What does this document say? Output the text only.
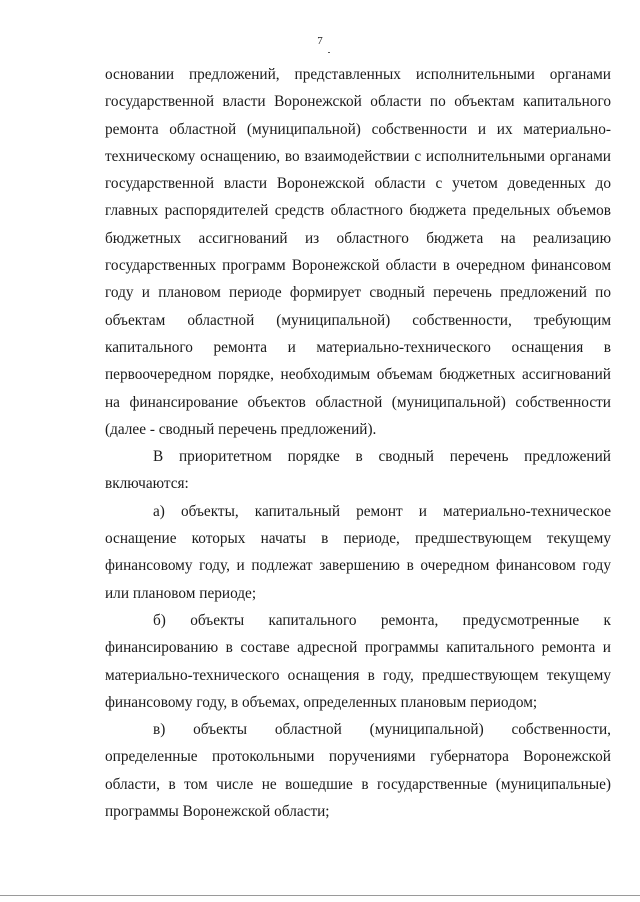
7

основании предложений, представленных исполнительными органами государственной власти Воронежской области по объектам капитального ремонта областной (муниципальной) собственности и их материально-техническому оснащению, во взаимодействии с исполнительными органами государственной власти Воронежской области с учетом доведенных до главных распорядителей средств областного бюджета предельных объемов бюджетных ассигнований из областного бюджета на реализацию государственных программ Воронежской области в очередном финансовом году и плановом периоде формирует сводный перечень предложений по объектам областной (муниципальной) собственности, требующим капитального ремонта и материально-технического оснащения в первоочередном порядке, необходимым объемам бюджетных ассигнований на финансирование объектов областной (муниципальной) собственности (далее - сводный перечень предложений).

В приоритетном порядке в сводный перечень предложений включаются:

а) объекты, капитальный ремонт и материально-техническое оснащение которых начаты в периоде, предшествующем текущему финансовому году, и подлежат завершению в очередном финансовом году или плановом периоде;

б) объекты капитального ремонта, предусмотренные к финансированию в составе адресной программы капитального ремонта и материально-технического оснащения в году, предшествующем текущему финансовому году, в объемах, определенных плановым периодом;

в) объекты областной (муниципальной) собственности, определенные протокольными поручениями губернатора Воронежской области, в том числе не вошедшие в государственные (муниципальные) программы Воронежской области;
